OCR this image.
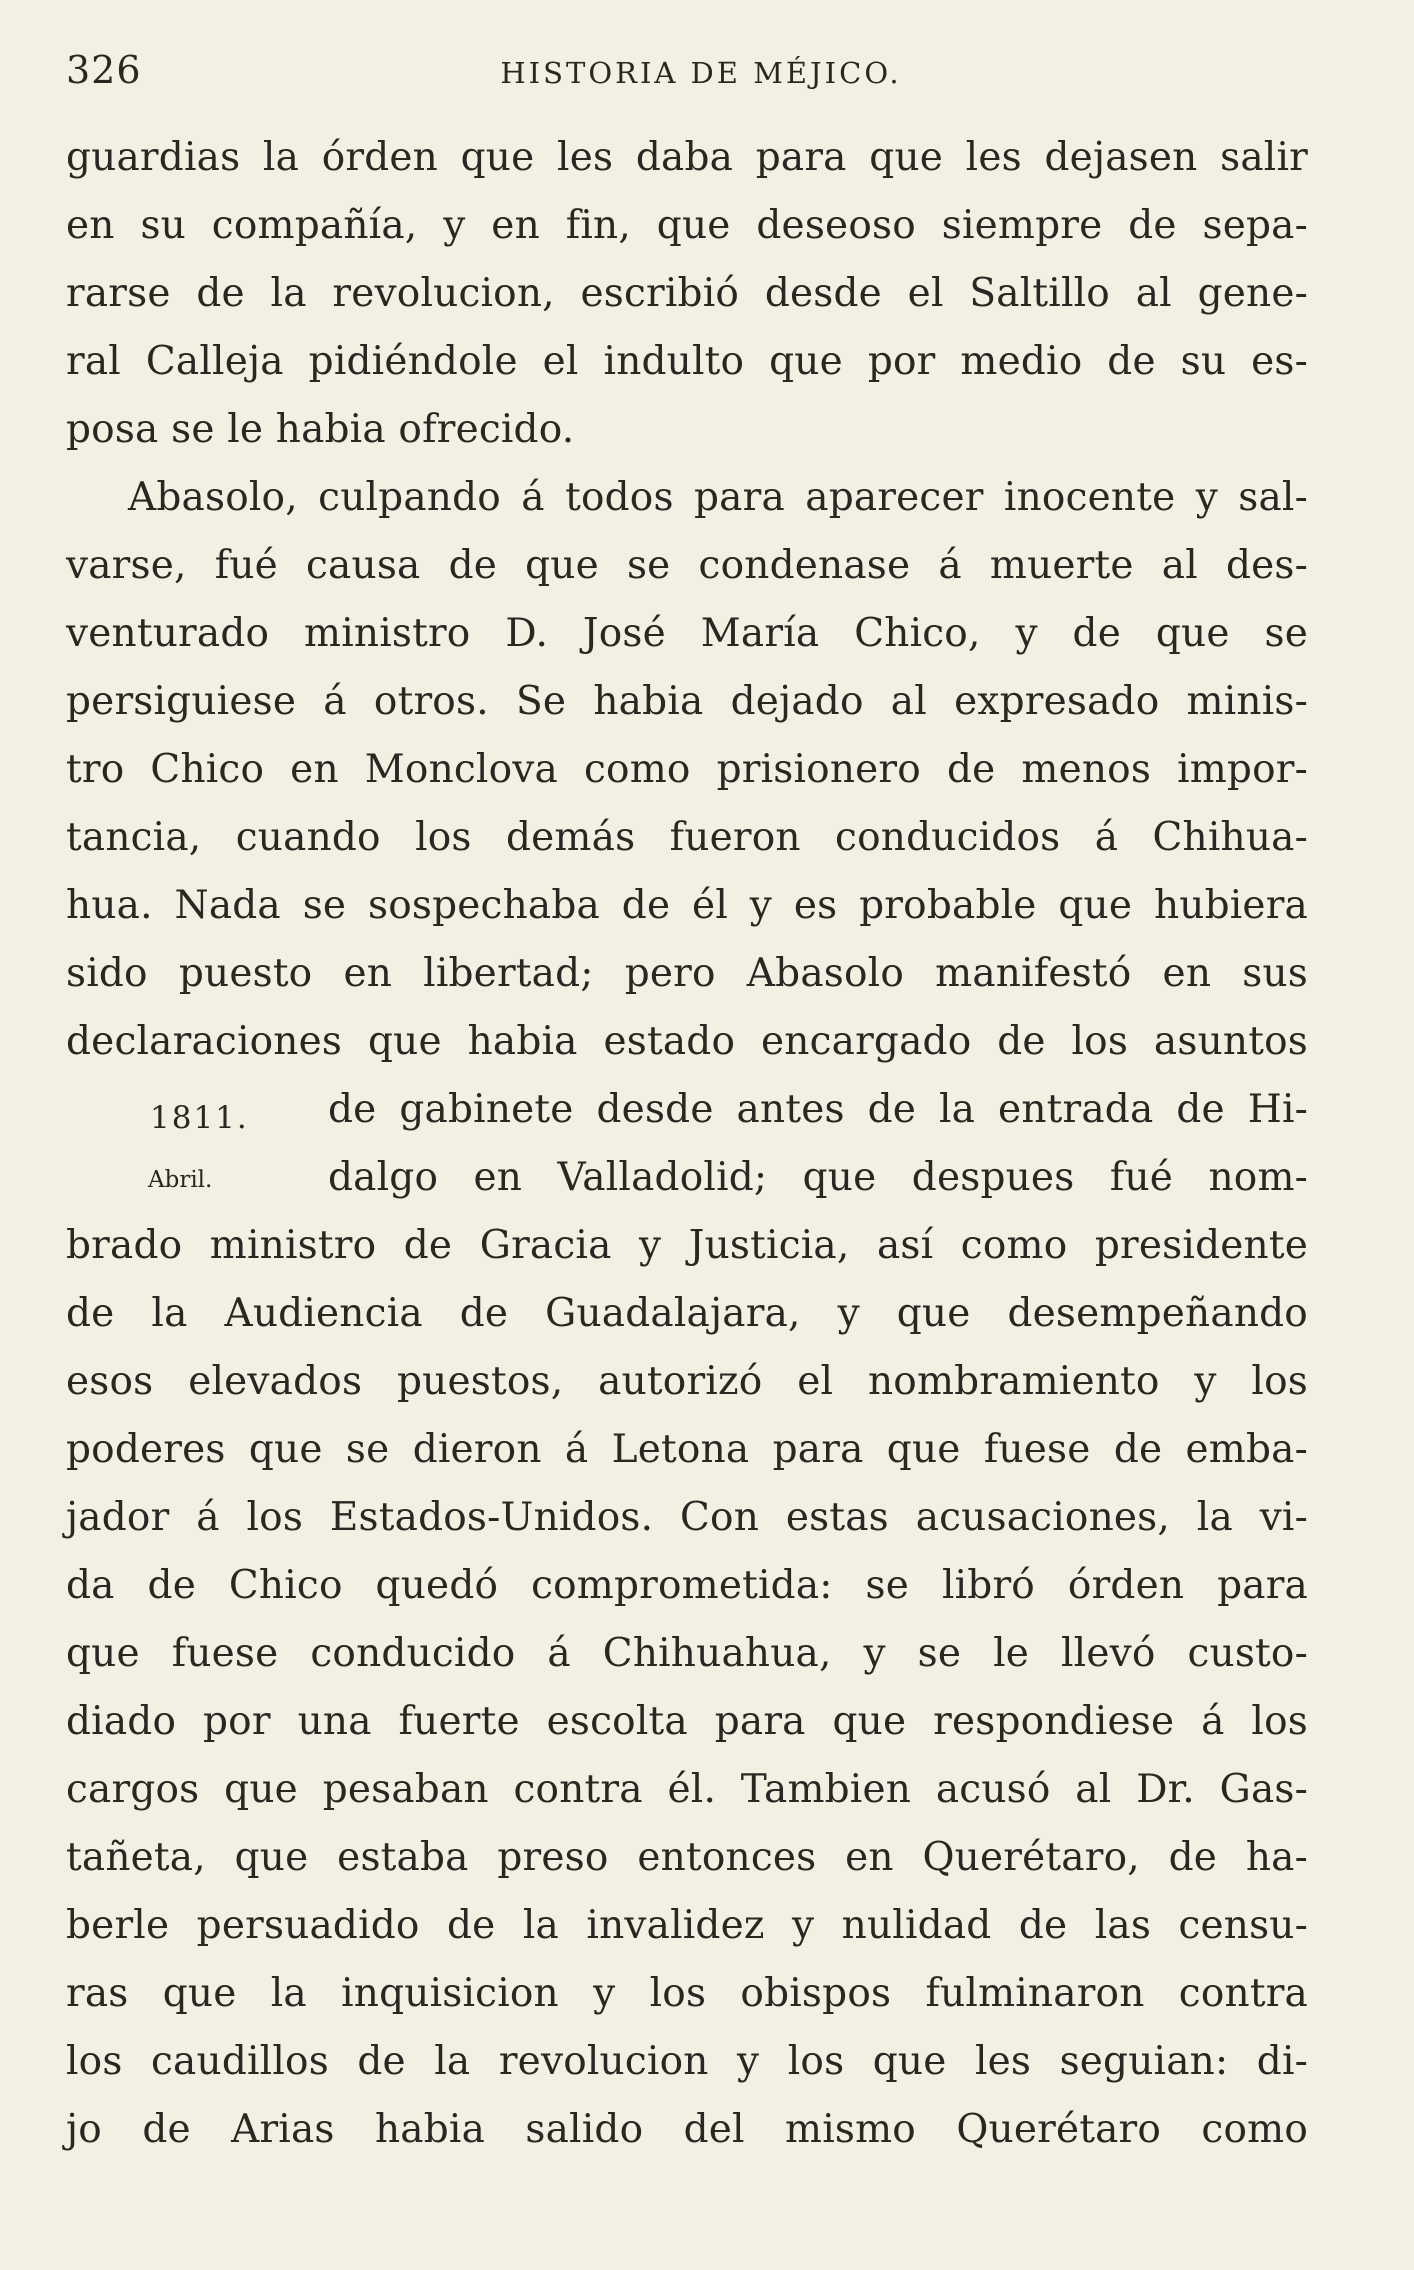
326	HISTORIA DE MÉJICO.
guardias la órden que les daba para que les dejasen salir
en su compañía, y en fin, que deseoso siempre de sepa-
rarse de la revolucion, escribió desde el Saltillo al gene-
ral Calleja pidiéndole el indulto que por medio de su es-
posa se le habia ofrecido.
Abasolo, culpando á todos para aparecer inocente y sal-
varse, fué causa de que se condenase á muerte al des-
venturado ministro D. José María Chico, y de que se
persiguiese á otros. Se habia dejado al expresado minis-
tro Chico en Monclova como prisionero de menos impor-
tancia, cuando los demás fueron conducidos á Chihua-
hua. Nada se sospechaba de él y es probable que hubiera
sido puesto en libertad; pero Abasolo manifestó en sus
declaraciones que habia estado encargado de los asuntos
de gabinete desde antes de la entrada de Hi-
dalgo en Valladolid; que despues fué nom-
brado ministro de Gracia y Justicia, así como presidente
de la Audiencia de Guadalajara, y que desempeñando
esos elevados puestos, autorizó el nombramiento y los
poderes que se dieron á Letona para que fuese de emba-
jador á los Estados-Unidos. Con estas acusaciones, la vi-
da de Chico quedó comprometida: se libró órden para
que fuese conducido á Chihuahua, y se le llevó custo-
diado por una fuerte escolta para que respondiese á los
cargos que pesaban contra él. Tambien acusó al Dr. Gas-
tañeta, que estaba preso entonces en Querétaro, de ha-
berle persuadido de la invalidez y nulidad de las censu-
ras que la inquisicion y los obispos fulminaron contra
los caudillos de la revolucion y los que les seguian: di-
jo de Arias habia salido del mismo Querétaro como
1811.
Abril.
